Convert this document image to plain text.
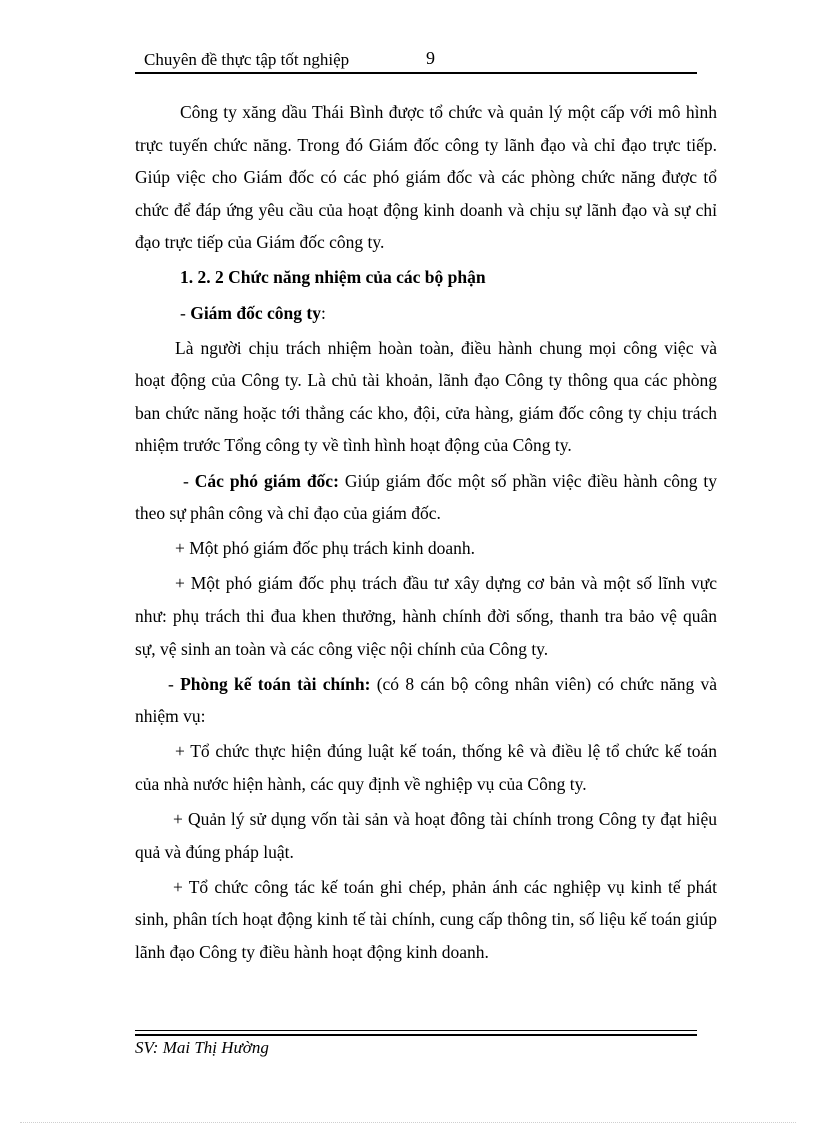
Chuyên đề thực tập tốt nghiệp	9

Công ty xăng dầu Thái Bình được tổ chức và quản lý một cấp với mô hình trực tuyến chức năng. Trong đó Giám đốc công ty lãnh đạo và chỉ đạo trực tiếp. Giúp việc cho Giám đốc có các phó giám đốc và các phòng chức năng được tổ chức để đáp ứng yêu cầu của hoạt động kinh doanh và chịu sự lãnh đạo và sự chỉ đạo trực tiếp của Giám đốc công ty.

1. 2. 2 Chức năng nhiệm của các bộ phận

- Giám đốc công ty:

Là người chịu trách nhiệm hoàn toàn, điều hành chung mọi công việc và hoạt động của Công ty. Là chủ tài khoản, lãnh đạo Công ty thông qua các phòng ban chức năng hoặc tới thẳng các kho, đội, cửa hàng, giám đốc công ty chịu trách nhiệm trước Tổng công ty về tình hình hoạt động của Công ty.

- Các phó giám đốc: Giúp giám đốc một số phần việc điều hành công ty theo sự phân công và chỉ đạo của giám đốc.

+ Một phó giám đốc phụ trách kinh doanh.

+ Một phó giám đốc phụ trách đầu tư xây dựng cơ bản và một số lĩnh vực như: phụ trách thi đua khen thưởng, hành chính đời sống, thanh tra bảo vệ quân sự, vệ sinh an toàn và các công việc nội chính của Công ty.

- Phòng kế toán tài chính: (có 8 cán bộ công nhân viên) có chức năng và nhiệm vụ:

+ Tổ chức thực hiện đúng luật kế toán, thống kê và điều lệ tổ chức kế toán của nhà nước hiện hành, các quy định về nghiệp vụ của Công ty.

+ Quản lý sử dụng vốn tài sản và hoạt đông tài chính trong Công ty đạt hiệu quả và đúng pháp luật.

+ Tổ chức công tác kế toán ghi chép, phản ánh các nghiệp vụ kinh tế phát sinh, phân tích hoạt động kinh tế tài chính, cung cấp thông tin, số liệu kế toán giúp lãnh đạo Công ty điều hành hoạt động kinh doanh.

SV: Mai Thị Hường
